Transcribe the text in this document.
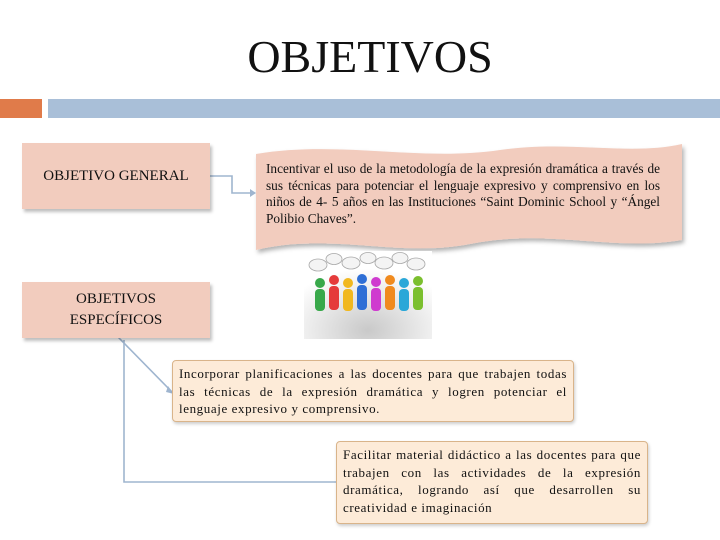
OBJETIVOS
OBJETIVO GENERAL	Incentivar el uso de la metodología de la expresión dramática a través de sus técnicas para potenciar el lenguaje expresivo y comprensivo en los niños de 4- 5 años en las Instituciones “Saint Dominic School y “Ángel Polibio Chaves”.
OBJETIVOS
ESPECÍFICOS
Incorporar planificaciones a las docentes para que trabajen todas las técnicas de la expresión dramática y logren potenciar el lenguaje expresivo y comprensivo.
Facilitar material didáctico a las docentes para que trabajen con las actividades de la expresión dramática, logrando así que desarrollen su creatividad e imaginación
